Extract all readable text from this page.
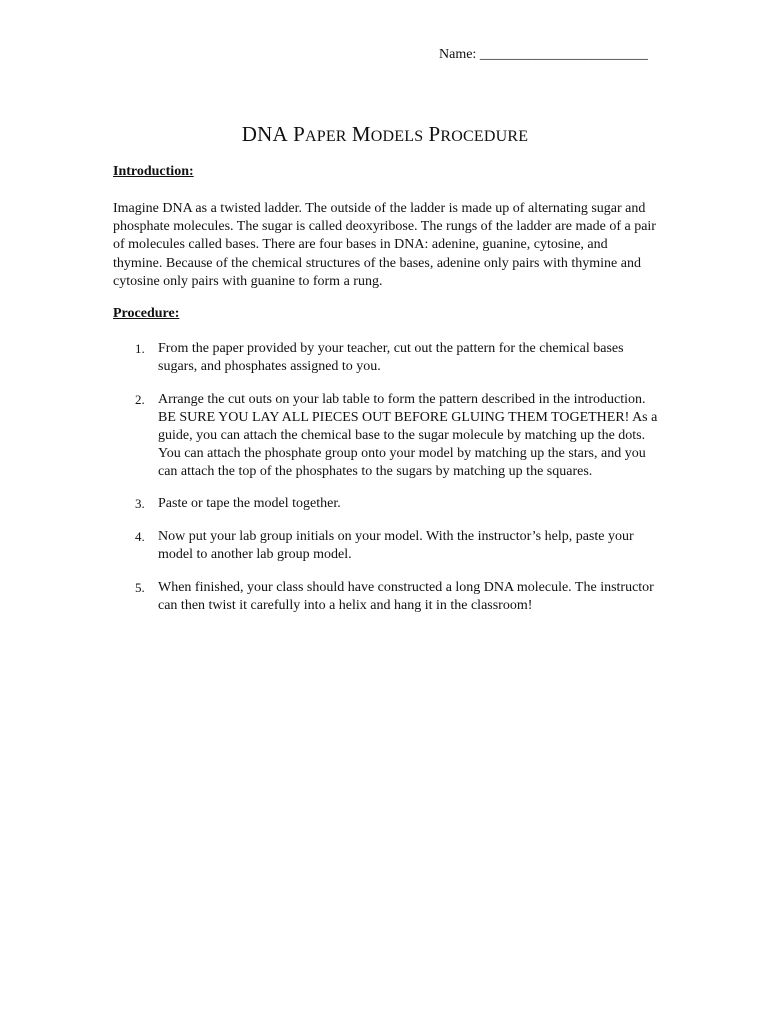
Name: ________________________
DNA PAPER MODELS PROCEDURE
Introduction:

Imagine DNA as a twisted ladder. The outside of the ladder is made up of alternating sugar and phosphate molecules. The sugar is called deoxyribose. The rungs of the ladder are made of a pair of molecules called bases. There are four bases in DNA: adenine, guanine, cytosine, and thymine. Because of the chemical structures of the bases, adenine only pairs with thymine and cytosine only pairs with guanine to form a rung.

Procedure:
1. From the paper provided by your teacher, cut out the pattern for the chemical bases sugars, and phosphates assigned to you.
2. Arrange the cut outs on your lab table to form the pattern described in the introduction. BE SURE YOU LAY ALL PIECES OUT BEFORE GLUING THEM TOGETHER! As a guide, you can attach the chemical base to the sugar molecule by matching up the dots. You can attach the phosphate group onto your model by matching up the stars, and you can attach the top of the phosphates to the sugars by matching up the squares.
3. Paste or tape the model together.
4. Now put your lab group initials on your model. With the instructor’s help, paste your model to another lab group model.
5. When finished, your class should have constructed a long DNA molecule. The instructor can then twist it carefully into a helix and hang it in the classroom!
